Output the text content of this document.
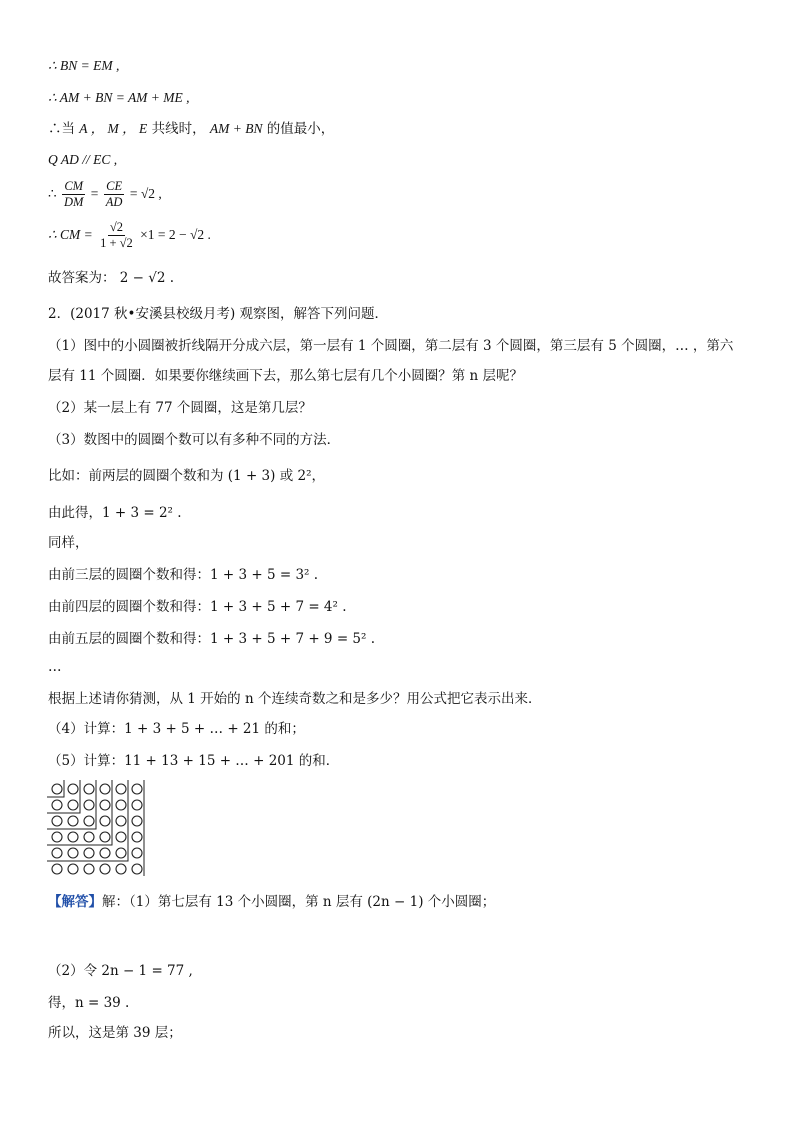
∴ BN = EM ,
∴ AM + BN = AM + ME ,
∴当 A ， M ， E 共线时， AM + BN 的值最小，
Q AD // EC ,
∴ $\frac{CM}{DM} = \frac{CE}{AD} = √2$ ,
∴ CM = $\frac{√2}{1 + √2} \times 1 = 2 - √2$ .
故答案为： 2 − √2 .
2．(2017 秋•安溪县校级月考) 观察图，解答下列问题．
（1）图中的小圆圈被折线隔开分成六层，第一层有 1 个圆圈，第二层有 3 个圆圈，第三层有 5 个圆圈，… ，第六
层有 11 个圆圈．如果要你继续画下去，那么第七层有几个小圆圈？第 n 层呢？
（2）某一层上有 77 个圆圈，这是第几层？
（3）数图中的圆圈个数可以有多种不同的方法．
比如：前两层的圆圈个数和为 (1 + 3) 或 2²，
由此得，1 + 3 = 2² .
同样，
由前三层的圆圈个数和得：1 + 3 + 5 = 3² .
由前四层的圆圈个数和得：1 + 3 + 5 + 7 = 4² .
由前五层的圆圈个数和得：1 + 3 + 5 + 7 + 9 = 5² .
…
根据上述请你猜测，从 1 开始的 n 个连续奇数之和是多少？用公式把它表示出来．
（4）计算：1 + 3 + 5 + … + 21 的和；
（5）计算：11 + 13 + 15 + … + 201 的和．
【解答】解：（1）第七层有 13 个小圆圈，第 n 层有 (2n − 1) 个小圆圈；
（2）令 2n − 1 = 77 ,
得，n = 39 .
所以，这是第 39 层；
